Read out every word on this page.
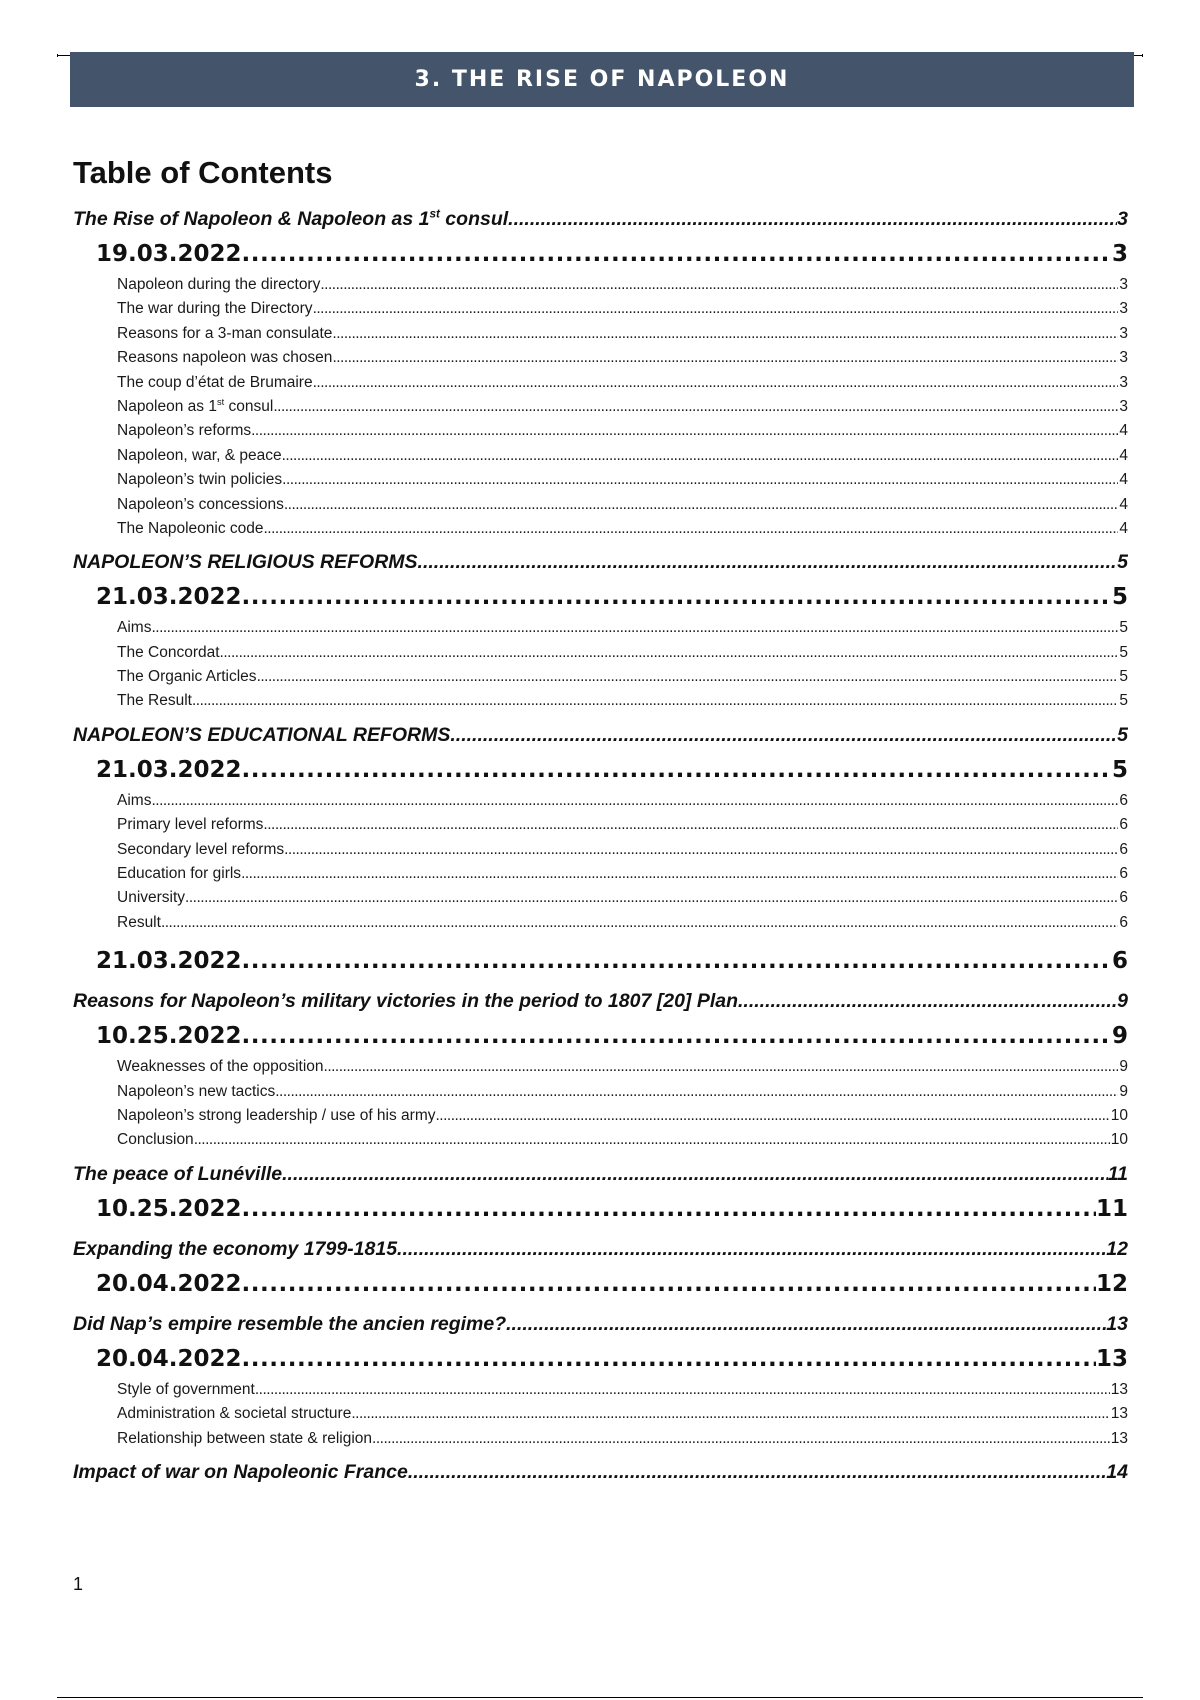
3. THE RISE OF NAPOLEON
Table of Contents
The Rise of Napoleon & Napoleon as 1st consul .....	3
19.03.2022 .....	3
Napoleon during the directory .....	3
The war during the Directory .....	3
Reasons for a 3-man consulate .....	3
Reasons napoleon was chosen .....	3
The coup d’état de Brumaire .....	3
Napoleon as 1st consul .....	3
Napoleon’s reforms .....	4
Napoleon, war, & peace .....	4
Napoleon’s twin policies .....	4
Napoleon’s concessions .....	4
The Napoleonic code .....	4
NAPOLEON’S RELIGIOUS REFORMS .....	5
21.03.2022 .....	5
Aims .....	5
The Concordat .....	5
The Organic Articles .....	5
The Result .....	5
NAPOLEON’S EDUCATIONAL REFORMS .....	5
21.03.2022 .....	5
Aims .....	6
Primary level reforms .....	6
Secondary level reforms .....	6
Education for girls .....	6
University .....	6
Result .....	6
21.03.2022 .....	6
Reasons for Napoleon’s military victories in the period to 1807 [20] Plan .....	9
10.25.2022 .....	9
Weaknesses of the opposition .....	9
Napoleon’s new tactics .....	9
Napoleon’s strong leadership / use of his army .....	10
Conclusion .....	10
The peace of Lunéville .....	11
10.25.2022 .....	11
Expanding the economy 1799-1815 .....	12
20.04.2022 .....	12
Did Nap’s empire resemble the ancien regime? .....	13
20.04.2022 .....	13
Style of government .....	13
Administration & societal structure .....	13
Relationship between state & religion .....	13
Impact of war on Napoleonic France .....	14
1
